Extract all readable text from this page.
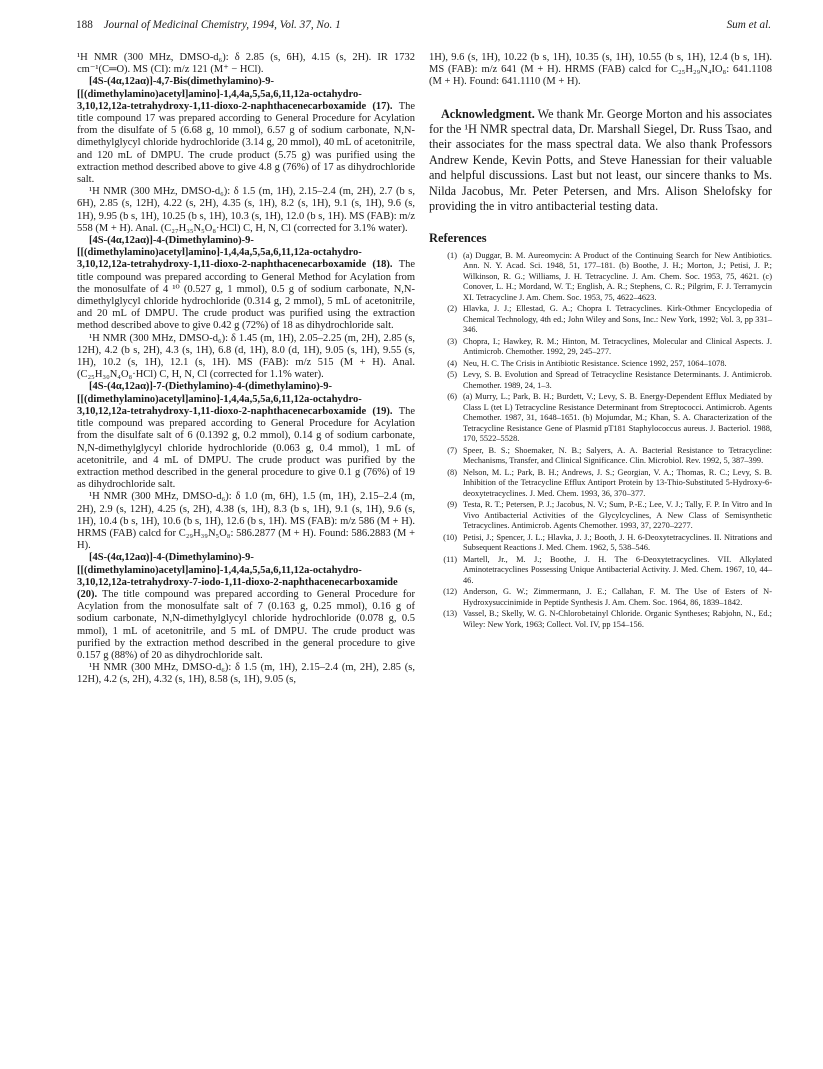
188 Journal of Medicinal Chemistry, 1994, Vol. 37, No. 1	Sum et al.

¹H NMR (300 MHz, DMSO-d₆): δ 2.85 (s, 6H), 4.15 (s, 2H). IR 1732 cm⁻¹(C═O). MS (CI): m/z 121 (M⁺ − HCl).

[4S-(4α,12aα)]-4,7-Bis(dimethylamino)-9-[[(dimethylamino)acetyl]amino]-1,4,4a,5,5a,6,11,12a-octahydro-3,10,12,12a-tetrahydroxy-1,11-dioxo-2-naphthacenecarboxamide (17). The title compound 17 was prepared according to General Procedure for Acylation from the disulfate of 5 (6.68 g, 10 mmol), 6.57 g of sodium carbonate, N,N-dimethylglycyl chloride hydrochloride (3.14 g, 20 mmol), 40 mL of acetonitrile, and 120 mL of DMPU. The crude product (5.75 g) was purified using the extraction method described above to give 4.8 g (76%) of 17 as dihydrochloride salt.

¹H NMR (300 MHz, DMSO-d₆): δ 1.5 (m, 1H), 2.15–2.4 (m, 2H), 2.7 (b s, 6H), 2.85 (s, 12H), 4.22 (s, 2H), 4.35 (s, 1H), 8.2 (s, 1H), 9.1 (s, 1H), 9.6 (s, 1H), 9.95 (b s, 1H), 10.25 (b s, 1H), 10.3 (s, 1H), 12.0 (b s, 1H). MS (FAB): m/z 558 (M + H). Anal. (C₂₇H₃₅N₅O₈·HCl) C, H, N, Cl (corrected for 3.1% water).

[4S-(4α,12aα)]-4-(Dimethylamino)-9-[[(dimethylamino)acetyl]amino]-1,4,4a,5,5a,6,11,12a-octahydro-3,10,12,12a-tetrahydroxy-1,11-dioxo-2-naphthacenecarboxamide (18). The title compound was prepared according to General Method for Acylation from the monosulfate of 4 ¹⁰ (0.527 g, 1 mmol), 0.5 g of sodium carbonate, N,N-dimethylglycyl chloride hydrochloride (0.314 g, 2 mmol), 5 mL of acetonitrile, and 20 mL of DMPU. The crude product was purified using the extraction method described above to give 0.42 g (72%) of 18 as dihydrochloride salt.

¹H NMR (300 MHz, DMSO-d₆): δ 1.45 (m, 1H), 2.05–2.25 (m, 2H), 2.85 (s, 12H), 4.2 (b s, 2H), 4.3 (s, 1H), 6.8 (d, 1H), 8.0 (d, 1H), 9.05 (s, 1H), 9.55 (s, 1H), 10.2 (s, 1H), 12.1 (s, 1H). MS (FAB): m/z 515 (M + H). Anal. (C₂₅H₃₀N₄O₈·HCl) C, H, N, Cl (corrected for 1.1% water).

[4S-(4α,12aα)]-7-(Diethylamino)-4-(dimethylamino)-9-[[(dimethylamino)acetyl]amino]-1,4,4a,5,5a,6,11,12a-octahydro-3,10,12,12a-tetrahydroxy-1,11-dioxo-2-naphthacenecarboxamide (19). The title compound was prepared according to General Procedure for Acylation from the disulfate salt of 6 (0.1392 g, 0.2 mmol), 0.14 g of sodium carbonate, N,N-dimethylglycyl chloride hydrochloride (0.063 g, 0.4 mmol), 1 mL of acetonitrile, and 4 mL of DMPU. The crude product was purified by the extraction method described in the general procedure to give 0.1 g (76%) of 19 as dihydrochloride salt.

¹H NMR (300 MHz, DMSO-d₆): δ 1.0 (m, 6H), 1.5 (m, 1H), 2.15–2.4 (m, 2H), 2.9 (s, 12H), 4.25 (s, 2H), 4.38 (s, 1H), 8.3 (b s, 1H), 9.1 (s, 1H), 9.6 (s, 1H), 10.4 (b s, 1H), 10.6 (b s, 1H), 12.6 (b s, 1H). MS (FAB): m/z 586 (M + H). HRMS (FAB) calcd for C₂₉H₃₉N₅O₈: 586.2877 (M + H). Found: 586.2883 (M + H).

[4S-(4α,12aα)]-4-(Dimethylamino)-9-[[(dimethylamino)acetyl]amino]-1,4,4a,5,5a,6,11,12a-octahydro-3,10,12,12a-tetrahydroxy-7-iodo-1,11-dioxo-2-naphthacenecarboxamide (20). The title compound was prepared according to General Procedure for Acylation from the monosulfate salt of 7 (0.163 g, 0.25 mmol), 0.16 g of sodium carbonate, N,N-dimethylglycyl chloride hydrochloride (0.078 g, 0.5 mmol), 1 mL of acetonitrile, and 5 mL of DMPU. The crude product was purified by the extraction method described in the general procedure to give 0.157 g (88%) of 20 as dihydrochloride salt.

¹H NMR (300 MHz, DMSO-d₆): δ 1.5 (m, 1H), 2.15–2.4 (m, 2H), 2.85 (s, 12H), 4.2 (s, 2H), 4.32 (s, 1H), 8.58 (s, 1H), 9.05 (s,

1H), 9.6 (s, 1H), 10.22 (b s, 1H), 10.35 (s, 1H), 10.55 (b s, 1H), 12.4 (b s, 1H). MS (FAB): m/z 641 (M + H). HRMS (FAB) calcd for C₂₅H₂₉N₄IO₈: 641.1108 (M + H). Found: 641.1110 (M + H).

Acknowledgment. We thank Mr. George Morton and his associates for the ¹H NMR spectral data, Dr. Marshall Siegel, Dr. Russ Tsao, and their associates for the mass spectral data. We also thank Professors Andrew Kende, Kevin Potts, and Steve Hanessian for their valuable and helpful discussions. Last but not least, our sincere thanks to Ms. Nilda Jacobus, Mr. Peter Petersen, and Mrs. Alison Shelofsky for providing the in vitro antibacterial testing data.

References
(1) (a) Duggar, B. M. Aureomycin: A Product of the Continuing Search for New Antibiotics. Ann. N. Y. Acad. Sci. 1948, 51, 177–181. (b) Boothe, J. H.; Morton, J.; Petisi, J. P.; Wilkinson, R. G.; Williams, J. H. Tetracycline. J. Am. Chem. Soc. 1953, 75, 4621. (c) Conover, L. H.; Mordand, W. T.; English, A. R.; Stephens, C. R.; Pilgrim, F. J. Terramycin XI. Tetracycline J. Am. Chem. Soc. 1953, 75, 4622–4623.
(2) Hlavka, J. J.; Ellestad, G. A.; Chopra I. Tetracyclines. Kirk-Othmer Encyclopedia of Chemical Technology, 4th ed.; John Wiley and Sons, Inc.: New York, 1992; Vol. 3, pp 331–346.
(3) Chopra, I.; Hawkey, R. M.; Hinton, M. Tetracyclines, Molecular and Clinical Aspects. J. Antimicrob. Chemother. 1992, 29, 245–277.
(4) Neu, H. C. The Crisis in Antibiotic Resistance. Science 1992, 257, 1064–1078.
(5) Levy, S. B. Evolution and Spread of Tetracycline Resistance Determinants. J. Antimicrob. Chemother. 1989, 24, 1–3.
(6) (a) Murry, L.; Park, B. H.; Burdett, V.; Levy, S. B. Energy-Dependent Efflux Mediated by Class L (tet L) Tetracycline Resistance Determinant from Streptococci. Antimicrob. Agents Chemother. 1987, 31, 1648–1651. (b) Mojumdar, M.; Khan, S. A. Characterization of the Tetracycline Resistance Gene of Plasmid pT181 Staphylococcus aureus. J. Bacteriol. 1988, 170, 5522–5528.
(7) Speer, B. S.; Shoemaker, N. B.; Salyers, A. A. Bacterial Resistance to Tetracycline: Mechanisms, Transfer, and Clinical Significance. Clin. Microbiol. Rev. 1992, 5, 387–399.
(8) Nelson, M. L.; Park, B. H.; Andrews, J. S.; Georgian, V. A.; Thomas, R. C.; Levy, S. B. Inhibition of the Tetracycline Efflux Antiport Protein by 13-Thio-Substituted 5-Hydroxy-6-deoxytetracyclines. J. Med. Chem. 1993, 36, 370–377.
(9) Testa, R. T.; Petersen, P. J.; Jacobus, N. V.; Sum, P.-E.; Lee, V. J.; Tally, F. P. In Vitro and In Vivo Antibacterial Activities of the Glycylcyclines, A New Class of Semisynthetic Tetracyclines. Antimicrob. Agents Chemother. 1993, 37, 2270–2277.
(10) Petisi, J.; Spencer, J. L.; Hlavka, J. J.; Booth, J. H. 6-Deoxytetracyclines. II. Nitrations and Subsequent Reactions J. Med. Chem. 1962, 5, 538–546.
(11) Martell, Jr., M. J.; Boothe, J. H. The 6-Deoxytetracyclines. VII. Alkylated Aminotetracyclines Possessing Unique Antibacterial Activity. J. Med. Chem. 1967, 10, 44–46.
(12) Anderson, G. W.; Zimmermann, J. E.; Callahan, F. M. The Use of Esters of N-Hydroxysuccinimide in Peptide Synthesis J. Am. Chem. Soc. 1964, 86, 1839–1842.
(13) Vassel, B.; Skelly, W. G. N-Chlorobetainyl Chloride. Organic Syntheses; Rabjohn, N., Ed.; Wiley: New York, 1963; Collect. Vol. IV, pp 154–156.
